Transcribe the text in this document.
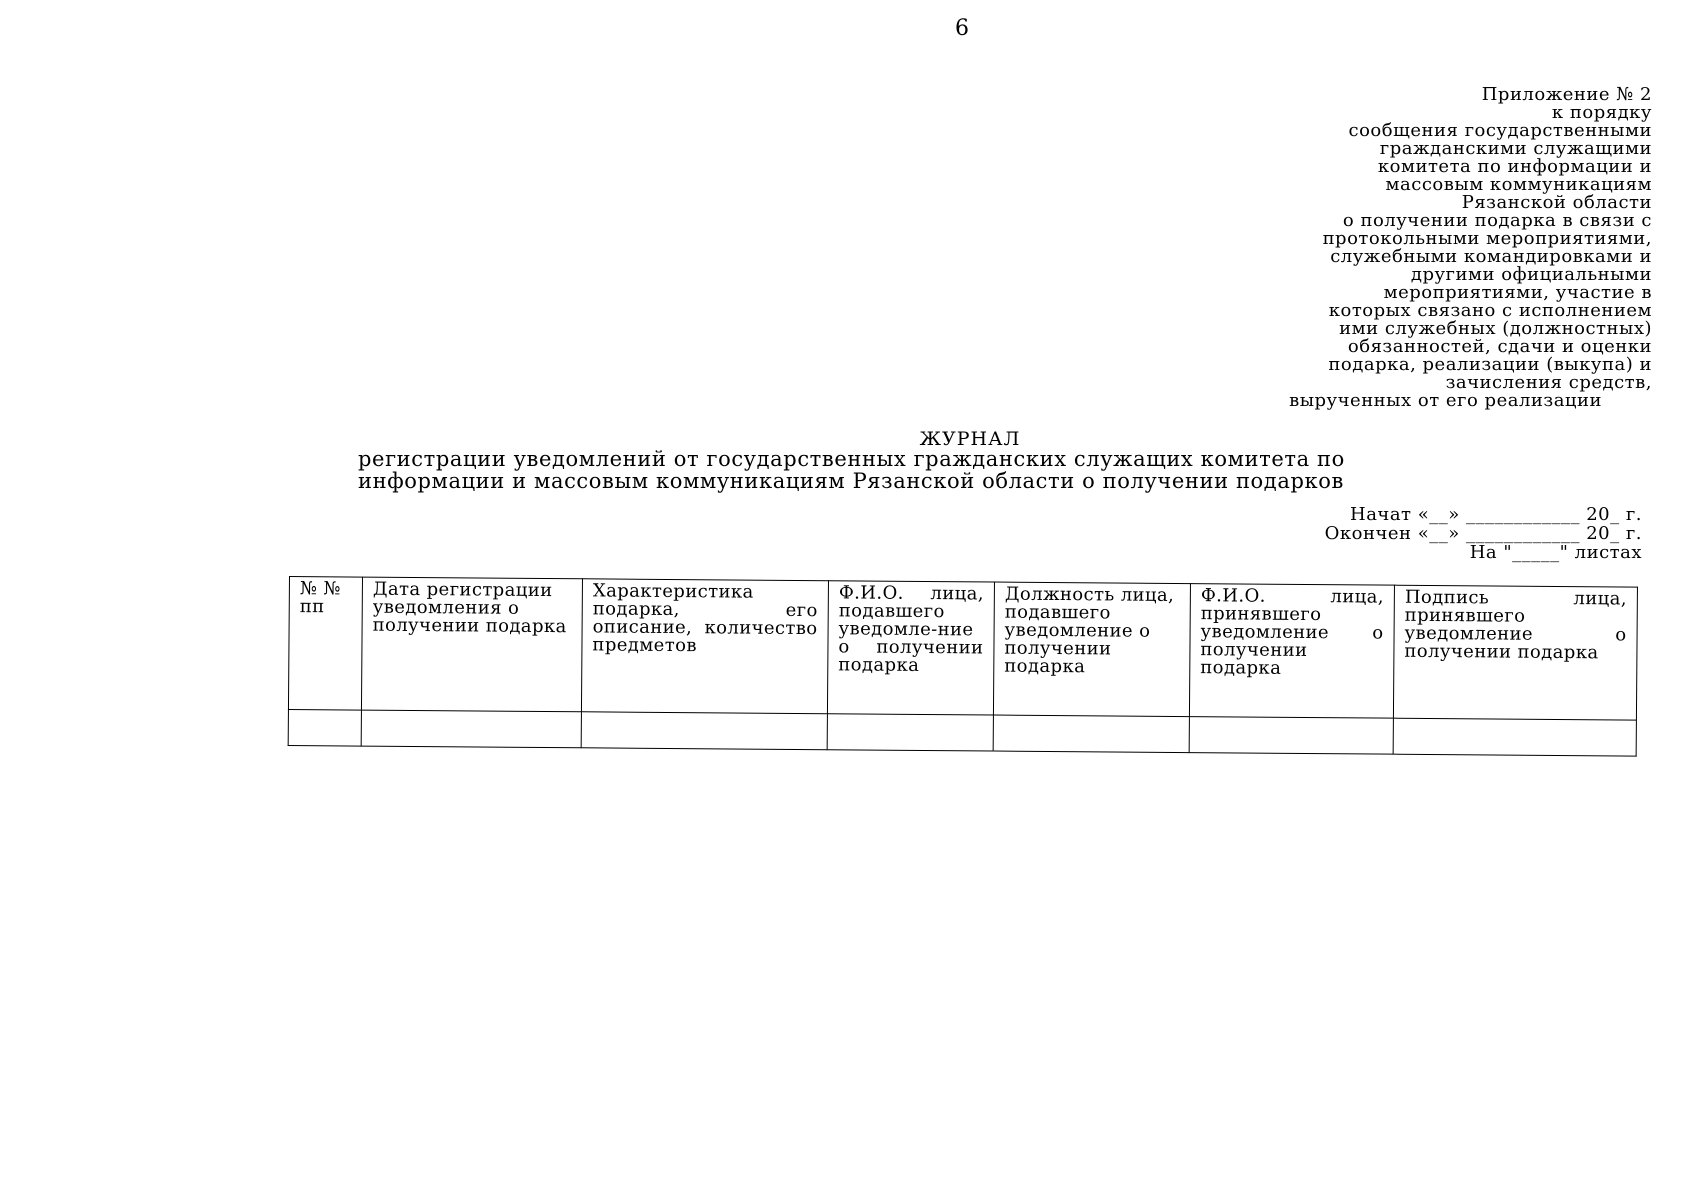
6
Приложение № 2
к порядку
сообщения государственными
гражданскими служащими
комитета по информации и
массовым коммуникациям
Рязанской области
о получении подарка в связи с
протокольными мероприятиями,
служебными командировками и
другими официальными
мероприятиями, участие в
которых связано с исполнением
ими служебных (должностных)
обязанностей, сдачи и оценки
подарка, реализации (выкупа) и
зачисления средств,
вырученных от его реализации
ЖУРНАЛ
регистрации уведомлений от государственных гражданских служащих комитета по
информации и массовым коммуникациям Рязанской области о получении подарков
Начат «__» ____________ 20_ г.
Окончен «__» ____________ 20_ г.
На "_____" листах
№ № пп	Дата регистрации уведомления о получении подарка	Характеристика подарка, его описание, количество предметов	Ф.И.О. лица, подавшего уведомле-ние о получении подарка	Должность лица, подавшего уведомление о получении подарка	Ф.И.О. лица, принявшего уведомление о получении подарка	Подпись лица, принявшего уведомление о получении подарка
